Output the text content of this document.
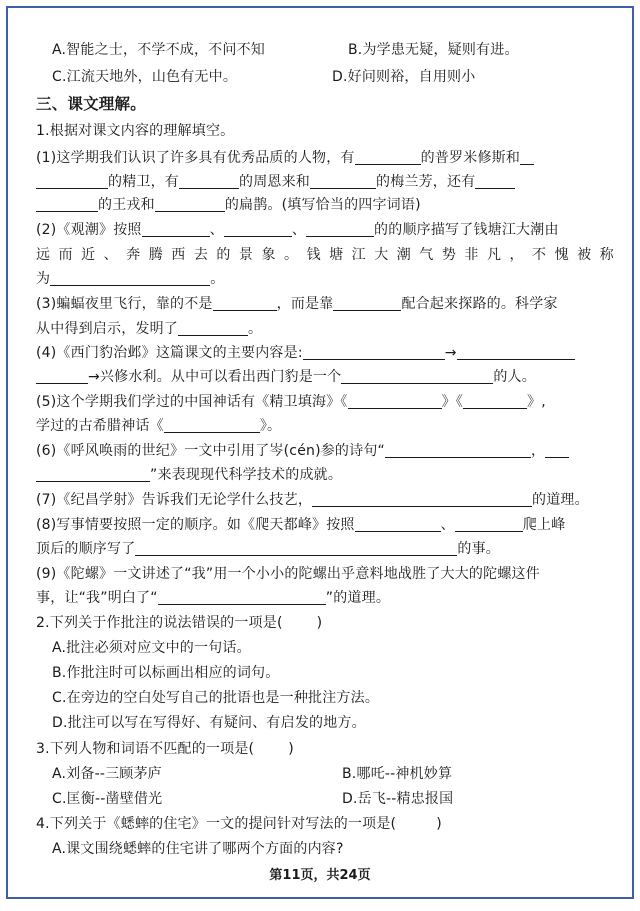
A.智能之士，不学不成，不问不知	B.为学患无疑，疑则有进。
C.江流天地外，山色有无中。	D.好问则裕，自用则小
三、课文理解。
1.根据对课文内容的理解填空。
(1)这学期我们认识了许多具有优秀品质的人物，有	的普罗米修斯和
的精卫，有	的周恩来和	的梅兰芳，还有
的王戎和	的扁鹊。(填写恰当的四字词语)
(2)《观潮》按照	、	、	的的顺序描写了钱塘江大潮由
远 而 近 、 奔 腾 西 去 的 景 象 。 钱 塘 江 大 潮 气 势 非 凡 ， 不 愧 被 称
为	。
(3)蝙蝠夜里飞行，靠的不是	，而是靠	配合起来探路的。科学家
从中得到启示，发明了	。
(4)《西门豹治邺》这篇课文的主要内容是:	→
→兴修水利。从中可以看出西门豹是一个	的人。
(5)这个学期我们学过的中国神话有《精卫填海》《	》《	》,
学过的古希腊神话《	》。
(6)《呼风唤雨的世纪》一文中引用了岑(cén)参的诗句“	，
”来表现现代科学技术的成就。
(7)《纪昌学射》告诉我们无论学什么技艺，	的道理。
(8)写事情要按照一定的顺序。如《爬天都峰》按照	、	爬上峰
顶后的顺序写了	的事。
(9)《陀螺》一文讲述了“我”用一个小小的陀螺出乎意料地战胜了大大的陀螺这件
事，让“我”明白了“	”的道理。
2.下列关于作批注的说法错误的一项是( )
A.批注必须对应文中的一句话。
B.作批注时可以标画出相应的词句。
C.在旁边的空白处写自己的批语也是一种批注方法。
D.批注可以写在写得好、有疑问、有启发的地方。
3.下列人物和词语不匹配的一项是( )
A.刘备--三顾茅庐	B.哪吒--神机妙算
C.匡衡--凿壁借光	D.岳飞--精忠报国
4.下列关于《蟋蟀的住宅》一文的提问针对写法的一项是(	)
A.课文围绕蟋蟀的住宅讲了哪两个方面的内容?
第11页，共24页
